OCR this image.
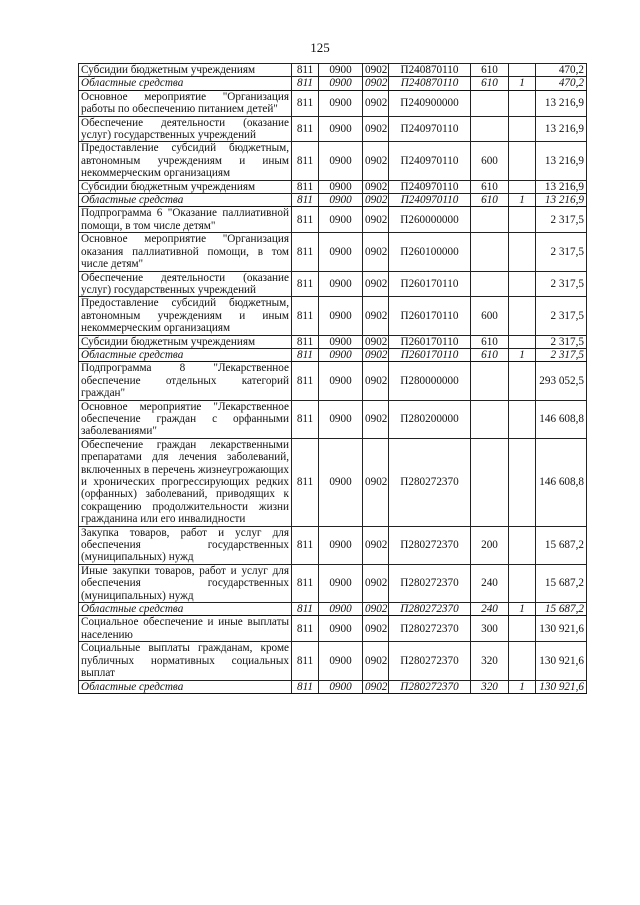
125
Субсидии бюджетным учреждениям	811	0900	0902	П240870110	610		470,2
Областные средства	811	0900	0902	П240870110	610	1	470,2
Основное мероприятие "Организация работы по обеспечению питанием детей"	811	0900	0902	П240900000			13 216,9
Обеспечение деятельности (оказание услуг) государственных учреждений	811	0900	0902	П240970110			13 216,9
Предоставление субсидий бюджетным, автономным учреждениям и иным некоммерческим организациям	811	0900	0902	П240970110	600		13 216,9
Субсидии бюджетным учреждениям	811	0900	0902	П240970110	610		13 216,9
Областные средства	811	0900	0902	П240970110	610	1	13 216,9
Подпрограмма 6 "Оказание паллиативной помощи, в том числе детям"	811	0900	0902	П260000000			2 317,5
Основное мероприятие "Организация оказания паллиативной помощи, в том числе детям"	811	0900	0902	П260100000			2 317,5
Обеспечение деятельности (оказание услуг) государственных учреждений	811	0900	0902	П260170110			2 317,5
Предоставление субсидий бюджетным, автономным учреждениям и иным некоммерческим организациям	811	0900	0902	П260170110	600		2 317,5
Субсидии бюджетным учреждениям	811	0900	0902	П260170110	610		2 317,5
Областные средства	811	0900	0902	П260170110	610	1	2 317,5
Подпрограмма 8 "Лекарственное обеспечение отдельных категорий граждан"	811	0900	0902	П280000000			293 052,5
Основное мероприятие "Лекарственное обеспечение граждан с орфанными заболеваниями"	811	0900	0902	П280200000			146 608,8
Обеспечение граждан лекарственными препаратами для лечения заболеваний, включенных в перечень жизнеугрожающих и хронических прогрессирующих редких (орфанных) заболеваний, приводящих к сокращению продолжительности жизни гражданина или его инвалидности	811	0900	0902	П280272370			146 608,8
Закупка товаров, работ и услуг для обеспечения государственных (муниципальных) нужд	811	0900	0902	П280272370	200		15 687,2
Иные закупки товаров, работ и услуг для обеспечения государственных (муниципальных) нужд	811	0900	0902	П280272370	240		15 687,2
Областные средства	811	0900	0902	П280272370	240	1	15 687,2
Социальное обеспечение и иные выплаты населению	811	0900	0902	П280272370	300		130 921,6
Социальные выплаты гражданам, кроме публичных нормативных социальных выплат	811	0900	0902	П280272370	320		130 921,6
Областные средства	811	0900	0902	П280272370	320	1	130 921,6
